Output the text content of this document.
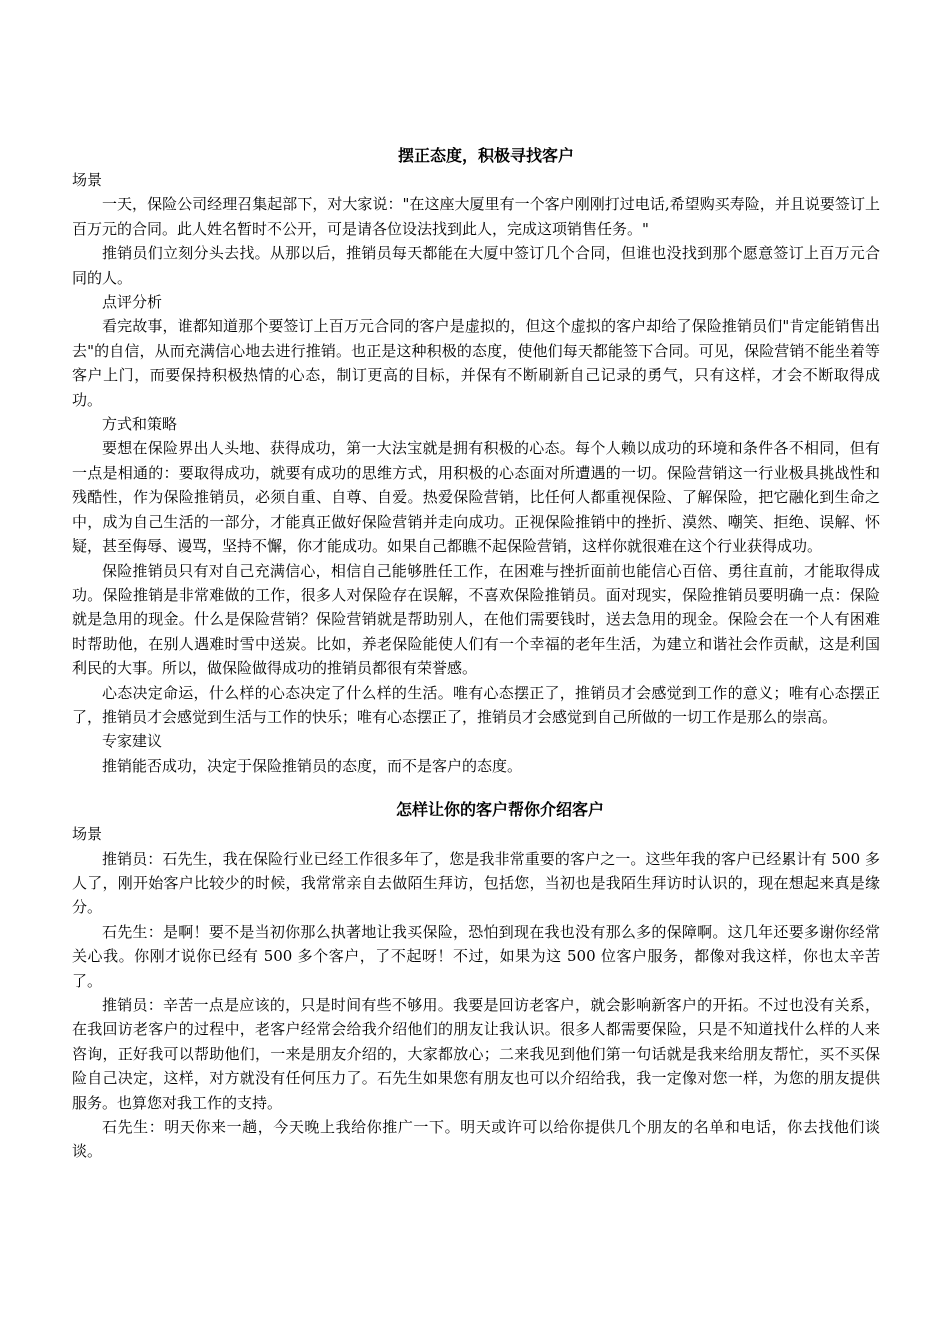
摆正态度，积极寻找客户

场景

一天，保险公司经理召集起部下，对大家说："在这座大厦里有一个客户刚刚打过电话,希望购买寿险，并且说要签订上百万元的合同。此人姓名暂时不公开，可是请各位设法找到此人，完成这项销售任务。"

推销员们立刻分头去找。从那以后，推销员每天都能在大厦中签订几个合同，但谁也没找到那个愿意签订上百万元合同的人。

点评分析

看完故事，谁都知道那个要签订上百万元合同的客户是虚拟的，但这个虚拟的客户却给了保险推销员们"肯定能销售出去"的自信，从而充满信心地去进行推销。也正是这种积极的态度，使他们每天都能签下合同。可见，保险营销不能坐着等客户上门，而要保持积极热情的心态，制订更高的目标，并保有不断刷新自己记录的勇气，只有这样，才会不断取得成功。

方式和策略

要想在保险界出人头地、获得成功，第一大法宝就是拥有积极的心态。每个人赖以成功的环境和条件各不相同，但有一点是相通的：要取得成功，就要有成功的思维方式，用积极的心态面对所遭遇的一切。保险营销这一行业极具挑战性和残酷性，作为保险推销员，必须自重、自尊、自爱。热爱保险营销，比任何人都重视保险、了解保险，把它融化到生命之中，成为自己生活的一部分，才能真正做好保险营销并走向成功。正视保险推销中的挫折、漠然、嘲笑、拒绝、误解、怀疑，甚至侮辱、谩骂，坚持不懈，你才能成功。如果自己都瞧不起保险营销，这样你就很难在这个行业获得成功。

保险推销员只有对自己充满信心，相信自己能够胜任工作，在困难与挫折面前也能信心百倍、勇往直前，才能取得成功。保险推销是非常难做的工作，很多人对保险存在误解，不喜欢保险推销员。面对现实，保险推销员要明确一点：保险就是急用的现金。什么是保险营销？保险营销就是帮助别人，在他们需要钱时，送去急用的现金。保险会在一个人有困难时帮助他，在别人遇难时雪中送炭。比如，养老保险能使人们有一个幸福的老年生活，为建立和谐社会作贡献，这是利国利民的大事。所以，做保险做得成功的推销员都很有荣誉感。

心态决定命运，什么样的心态决定了什么样的生活。唯有心态摆正了，推销员才会感觉到工作的意义；唯有心态摆正了，推销员才会感觉到生活与工作的快乐；唯有心态摆正了，推销员才会感觉到自己所做的一切工作是那么的崇高。

专家建议

推销能否成功，决定于保险推销员的态度，而不是客户的态度。

怎样让你的客户帮你介绍客户

场景

推销员：石先生，我在保险行业已经工作很多年了，您是我非常重要的客户之一。这些年我的客户已经累计有 500 多人了，刚开始客户比较少的时候，我常常亲自去做陌生拜访，包括您，当初也是我陌生拜访时认识的，现在想起来真是缘分。

石先生：是啊！要不是当初你那么执著地让我买保险，恐怕到现在我也没有那么多的保障啊。这几年还要多谢你经常关心我。你刚才说你已经有 500 多个客户，了不起呀！不过，如果为这 500 位客户服务，都像对我这样，你也太辛苦了。

推销员：辛苦一点是应该的，只是时间有些不够用。我要是回访老客户，就会影响新客户的开拓。不过也没有关系，在我回访老客户的过程中，老客户经常会给我介绍他们的朋友让我认识。很多人都需要保险，只是不知道找什么样的人来咨询，正好我可以帮助他们，一来是朋友介绍的，大家都放心；二来我见到他们第一句话就是我来给朋友帮忙，买不买保险自己决定，这样，对方就没有任何压力了。石先生如果您有朋友也可以介绍给我，我一定像对您一样，为您的朋友提供服务。也算您对我工作的支持。

石先生：明天你来一趟，今天晚上我给你推广一下。明天或许可以给你提供几个朋友的名单和电话，你去找他们谈谈。
